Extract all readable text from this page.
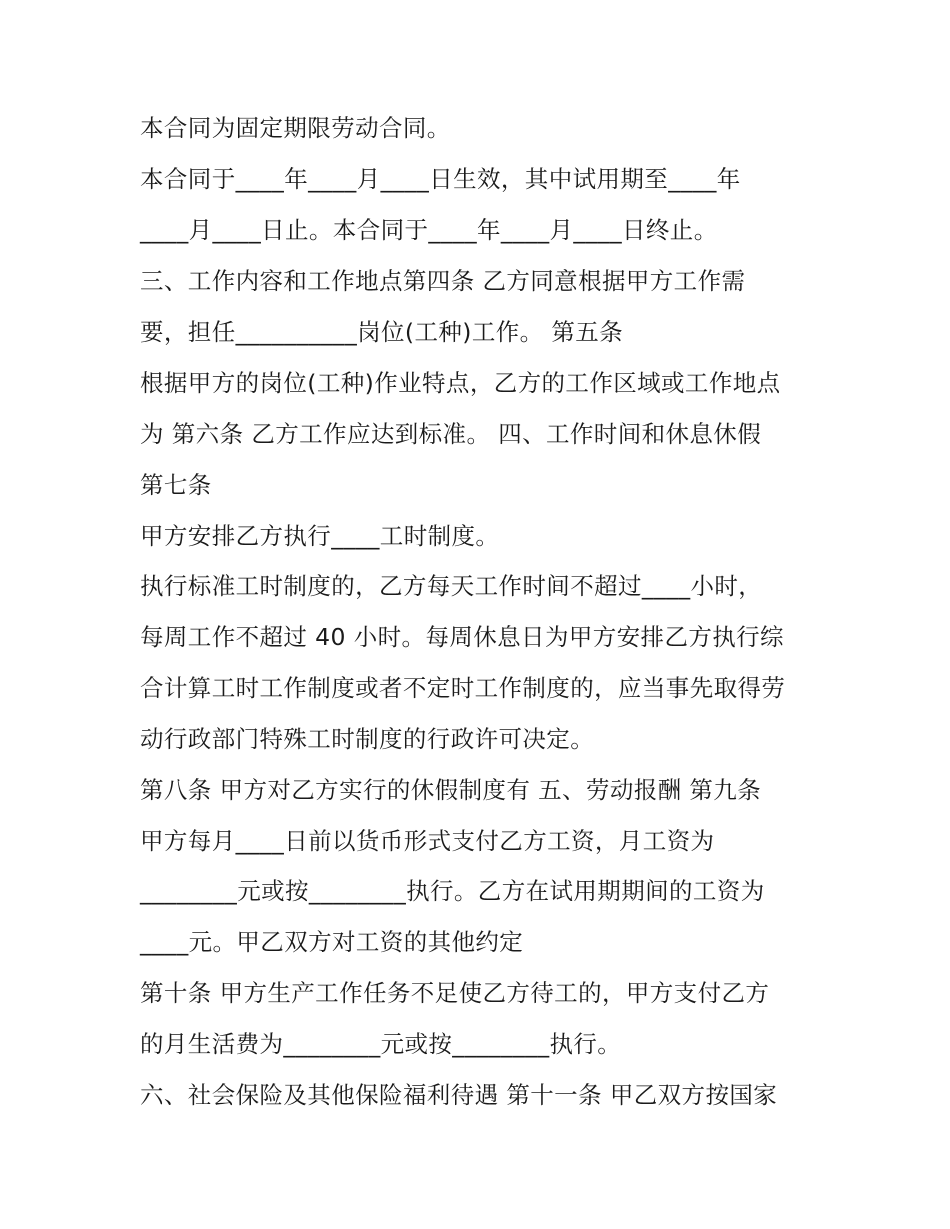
本合同为固定期限劳动合同。

本合同于____年____月____日生效，其中试用期至____年

____月____日止。本合同于____年____月____日终止。

三、工作内容和工作地点第四条 乙方同意根据甲方工作需

要，担任__________岗位(工种)工作。 第五条

根据甲方的岗位(工种)作业特点，乙方的工作区域或工作地点

为 第六条 乙方工作应达到标准。 四、工作时间和休息休假

第七条

甲方安排乙方执行____工时制度。

执行标准工时制度的，乙方每天工作时间不超过____小时，

每周工作不超过 40 小时。每周休息日为甲方安排乙方执行综

合计算工时工作制度或者不定时工作制度的，应当事先取得劳

动行政部门特殊工时制度的行政许可决定。

第八条 甲方对乙方实行的休假制度有 五、劳动报酬 第九条

甲方每月____日前以货币形式支付乙方工资，月工资为

________元或按________执行。乙方在试用期期间的工资为

____元。甲乙双方对工资的其他约定

第十条 甲方生产工作任务不足使乙方待工的，甲方支付乙方

的月生活费为________元或按________执行。

六、社会保险及其他保险福利待遇 第十一条 甲乙双方按国家
